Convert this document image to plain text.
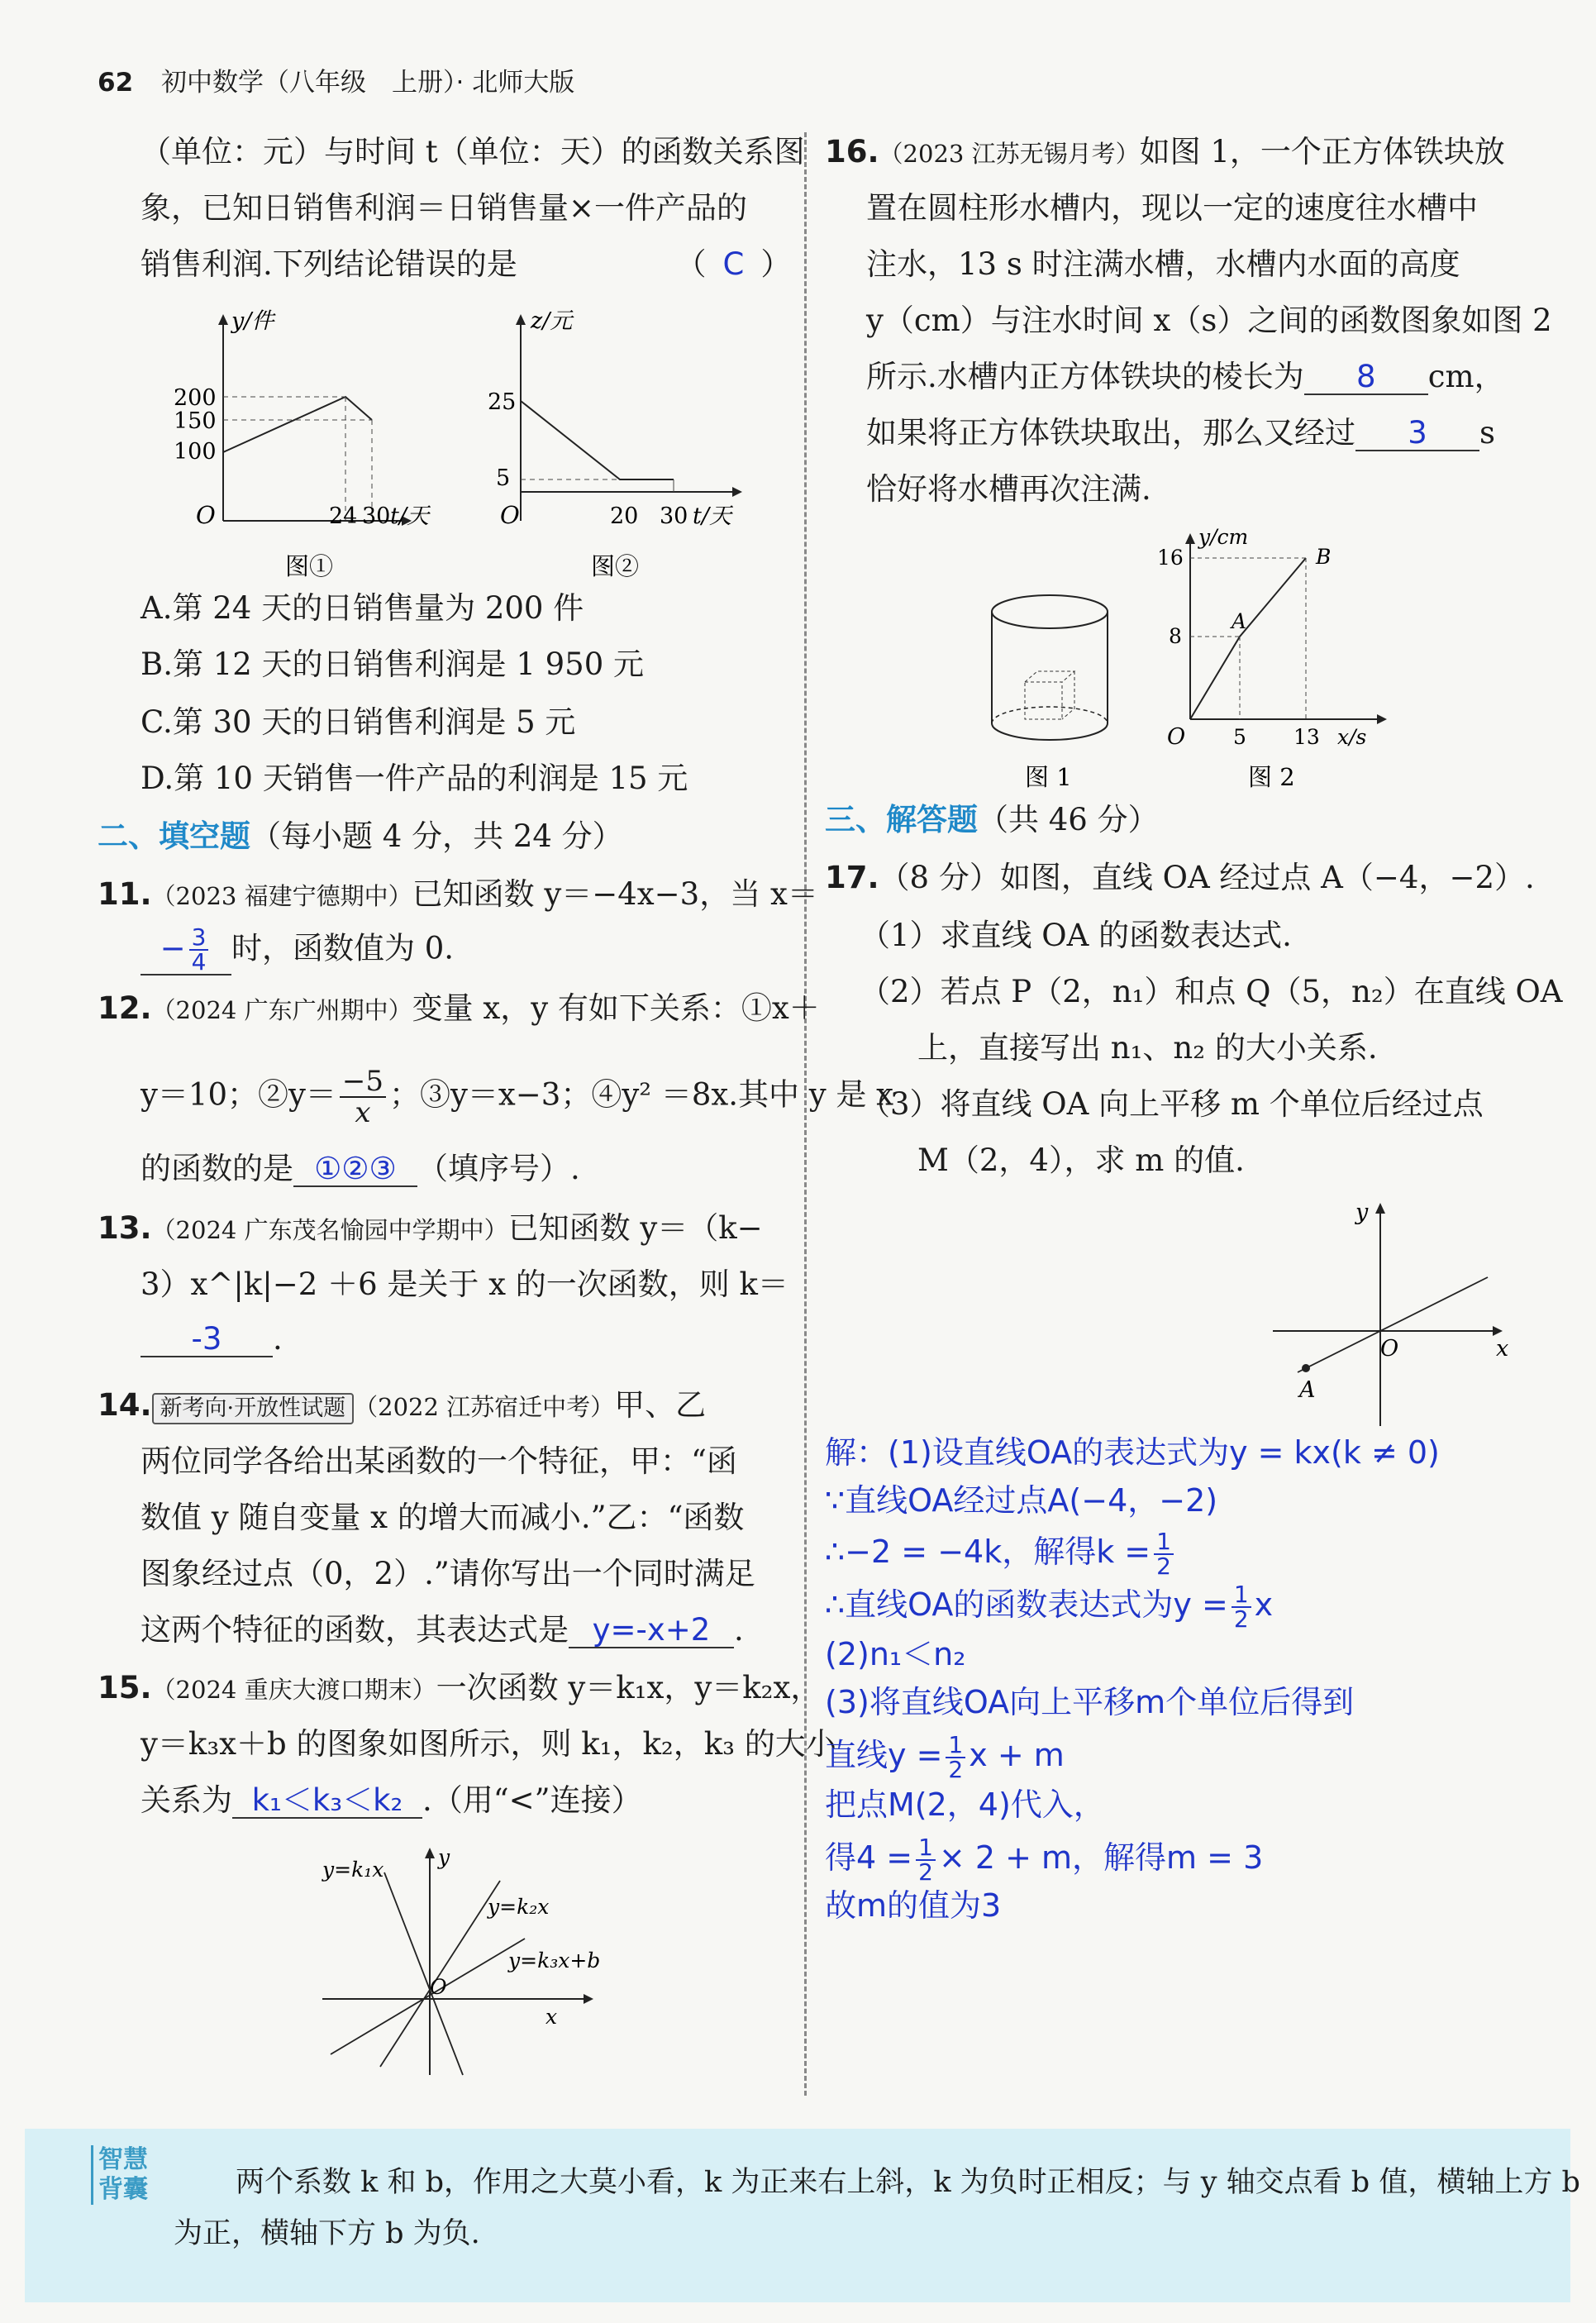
62 初中数学（八年级　上册）· 北师大版
（单位：元）与时间 t（单位：天）的函数关系图
象，已知日销售利润＝日销售量×一件产品的
销售利润.下列结论错误的是	（ C ）
y/件
200
150
100
O	24 30 t/天
图①
z/元
25
5
O	20 30 t/天
图②
A.第 24 天的日销售量为 200 件
B.第 12 天的日销售利润是 1 950 元
C.第 30 天的日销售利润是 5 元
D.第 10 天销售一件产品的利润是 15 元
二、填空题（每小题 4 分，共 24 分）
11.（2023 福建宁德期中）已知函数 y＝−4x−3，当 x＝
− $\frac{3}{4}$ 时，函数值为 0.
12.（2024 广东广州期中）变量 x，y 有如下关系：①x＋
y＝10；②y＝ $\frac{-5}{x}$ ；③y＝x−3；④y² ＝8x.其中 y 是 x
的函数的是 ①②③ （填序号）.
13.（2024 广东茂名愉园中学期中）已知函数 y＝（k−
3）x^|k|−2 ＋6 是关于 x 的一次函数，则 k＝
-3 .
14. 新考向·开放性试题 （2022 江苏宿迁中考）甲、乙
两位同学各给出某函数的一个特征，甲：“函
数值 y 随自变量 x 的增大而减小.”乙：“函数
图象经过点（0，2）.”请你写出一个同时满足
这两个特征的函数，其表达式是 y=-x+2 .
15.（2024 重庆大渡口期末）一次函数 y＝k₁x，y＝k₂x，
y＝k₃x＋b 的图象如图所示，则 k₁，k₂，k₃ 的大小
关系为 k₁＜k₃＜k₂ .（用“<”连接）
y=k₁x
y=k₂x
y=k₃x+b
y
x
O
16.（2023 江苏无锡月考）如图 1，一个正方体铁块放
置在圆柱形水槽内，现以一定的速度往水槽中
注水，13 s 时注满水槽，水槽内水面的高度
y（cm）与注水时间 x（s）之间的函数图象如图 2
所示.水槽内正方体铁块的棱长为 8 cm，
如果将正方体铁块取出，那么又经过 3 s
恰好将水槽再次注满.
图 1
y/cm
16
8
O 5 13 x/s
A
B
图 2
三、解答题（共 46 分）
17.（8 分）如图，直线 OA 经过点 A（−4，−2）.
（1）求直线 OA 的函数表达式.
（2）若点 P（2，n₁）和点 Q（5，n₂）在直线 OA
上，直接写出 n₁、n₂ 的大小关系.
（3）将直线 OA 向上平移 m 个单位后经过点
M（2，4），求 m 的值.
y
x
O
A
解：(1)设直线OA的表达式为y = kx(k ≠ 0)
∵直线OA经过点A(−4，−2)
∴−2 = −4k，解得$k = \frac{1}{2}$
∴直线OA的函数表达式为$y = \frac{1}{2}$ x
(2)n₁＜n₂
(3)将直线OA向上平移m个单位后得到
直线$y = \frac{1}{2}$ x + m
把点M(2，4)代入，
得$4 = \frac{1}{2} \times 2 + m$，解得m = 3
故m的值为3
智慧背囊	两个系数 k 和 b，作用之大莫小看，k 为正来右上斜，k 为负时正相反；与 y 轴交点看 b 值，横轴上方 b
为正，横轴下方 b 为负.
